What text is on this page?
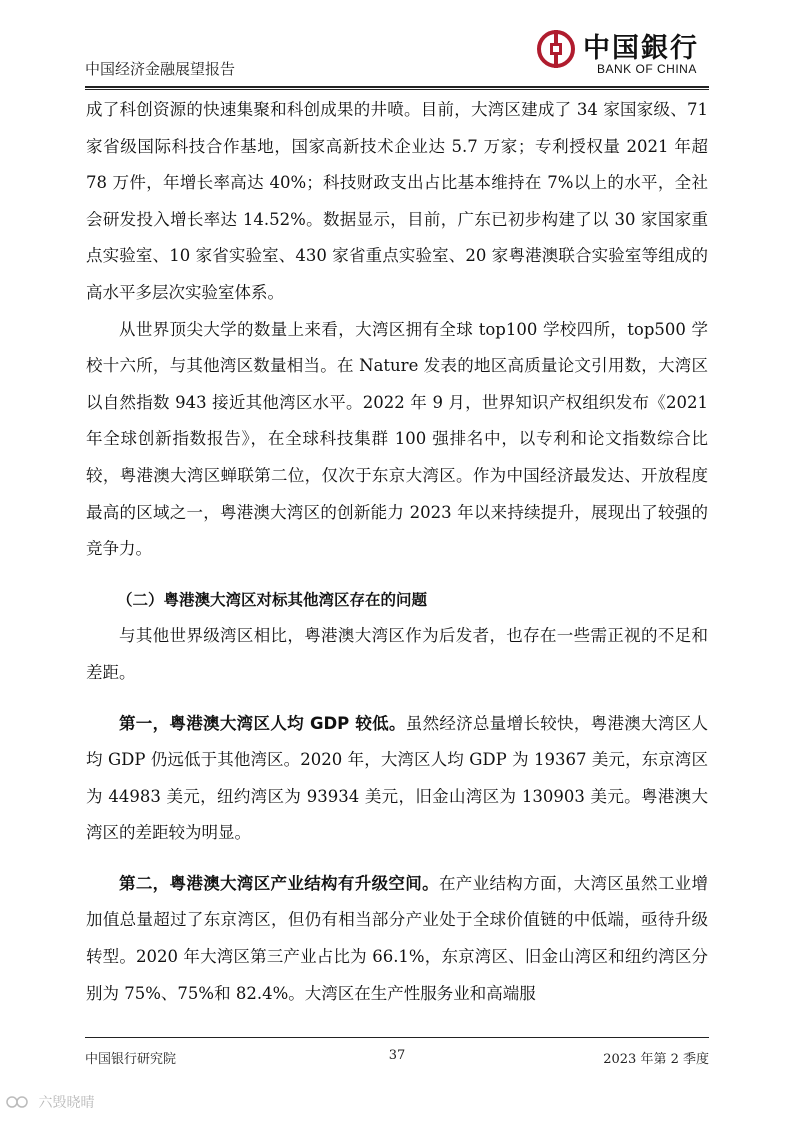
中国经济金融展望报告
中国銀行
BANK OF CHINA

成了科创资源的快速集聚和科创成果的井喷。目前，大湾区建成了 34 家国家级、71 家省级国际科技合作基地，国家高新技术企业达 5.7 万家；专利授权量 2021 年超 78 万件，年增长率高达 40%；科技财政支出占比基本维持在 7%以上的水平，全社会研发投入增长率达 14.52%。数据显示，目前，广东已初步构建了以 30 家国家重点实验室、10 家省实验室、430 家省重点实验室、20 家粤港澳联合实验室等组成的高水平多层次实验室体系。

从世界顶尖大学的数量上来看，大湾区拥有全球 top100 学校四所，top500 学校十六所，与其他湾区数量相当。在 Nature 发表的地区高质量论文引用数，大湾区以自然指数 943 接近其他湾区水平。2022 年 9 月，世界知识产权组织发布《2021 年全球创新指数报告》，在全球科技集群 100 强排名中，以专利和论文指数综合比较，粤港澳大湾区蝉联第二位，仅次于东京大湾区。作为中国经济最发达、开放程度最高的区域之一，粤港澳大湾区的创新能力 2023 年以来持续提升，展现出了较强的竞争力。

（二）粤港澳大湾区对标其他湾区存在的问题

与其他世界级湾区相比，粤港澳大湾区作为后发者，也存在一些需正视的不足和差距。

第一，粤港澳大湾区人均 GDP 较低。虽然经济总量增长较快，粤港澳大湾区人均 GDP 仍远低于其他湾区。2020 年，大湾区人均 GDP 为 19367 美元，东京湾区为 44983 美元，纽约湾区为 93934 美元，旧金山湾区为 130903 美元。粤港澳大湾区的差距较为明显。

第二，粤港澳大湾区产业结构有升级空间。在产业结构方面，大湾区虽然工业增加值总量超过了东京湾区，但仍有相当部分产业处于全球价值链的中低端，亟待升级转型。2020 年大湾区第三产业占比为 66.1%，东京湾区、旧金山湾区和纽约湾区分别为 75%、75%和 82.4%。大湾区在生产性服务业和高端服

中国银行研究院	37	2023 年第 2 季度
六毁晓晴
